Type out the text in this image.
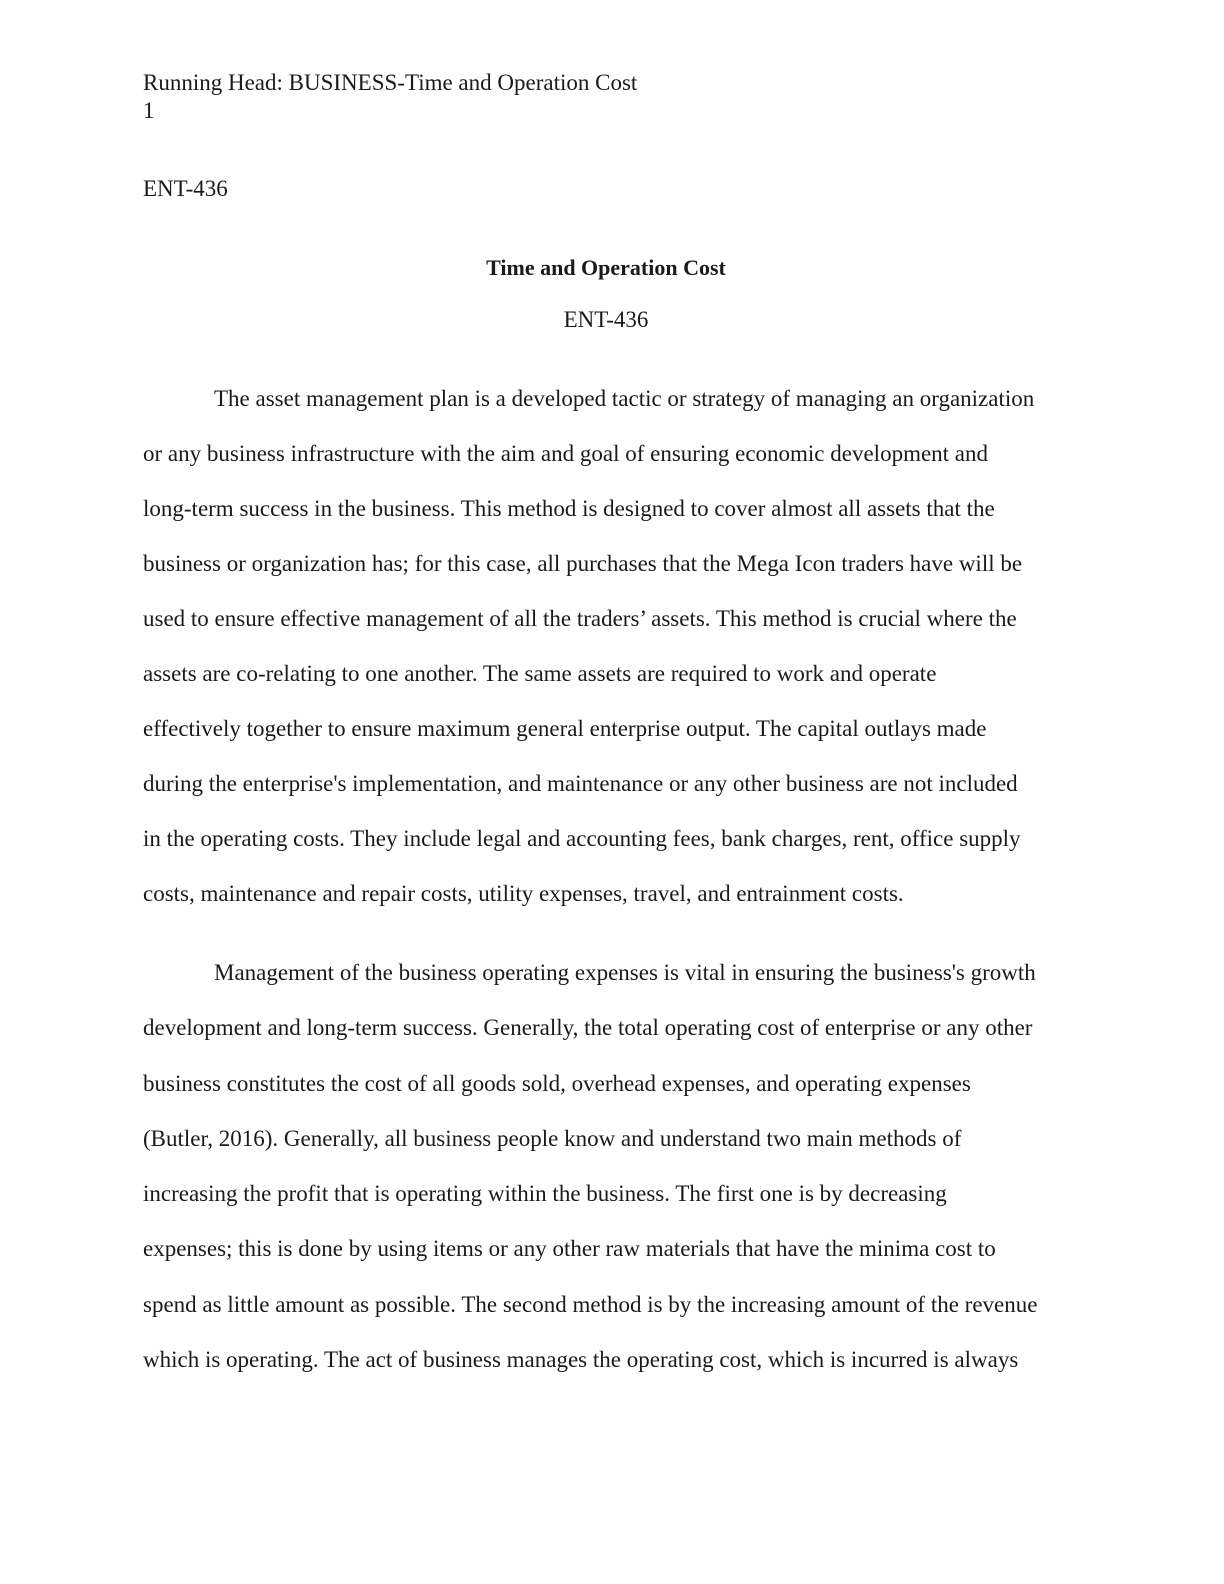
Running Head: BUSINESS-Time and Operation Cost
1
ENT-436
Time and Operation Cost
ENT-436
The asset management plan is a developed tactic or strategy of managing an organization
or any business infrastructure with the aim and goal of ensuring economic development and
long-term success in the business. This method is designed to cover almost all assets that the
business or organization has; for this case, all purchases that the Mega Icon traders have will be
used to ensure effective management of all the traders’ assets. This method is crucial where the
assets are co-relating to one another. The same assets are required to work and operate
effectively together to ensure maximum general enterprise output. The capital outlays made
during the enterprise's implementation, and maintenance or any other business are not included
in the operating costs. They include legal and accounting fees, bank charges, rent, office supply
costs, maintenance and repair costs, utility expenses, travel, and entrainment costs.
Management of the business operating expenses is vital in ensuring the business's growth
development and long-term success. Generally, the total operating cost of enterprise or any other
business constitutes the cost of all goods sold, overhead expenses, and operating expenses
(Butler, 2016). Generally, all business people know and understand two main methods of
increasing the profit that is operating within the business. The first one is by decreasing
expenses; this is done by using items or any other raw materials that have the minima cost to
spend as little amount as possible. The second method is by the increasing amount of the revenue
which is operating. The act of business manages the operating cost, which is incurred is always
